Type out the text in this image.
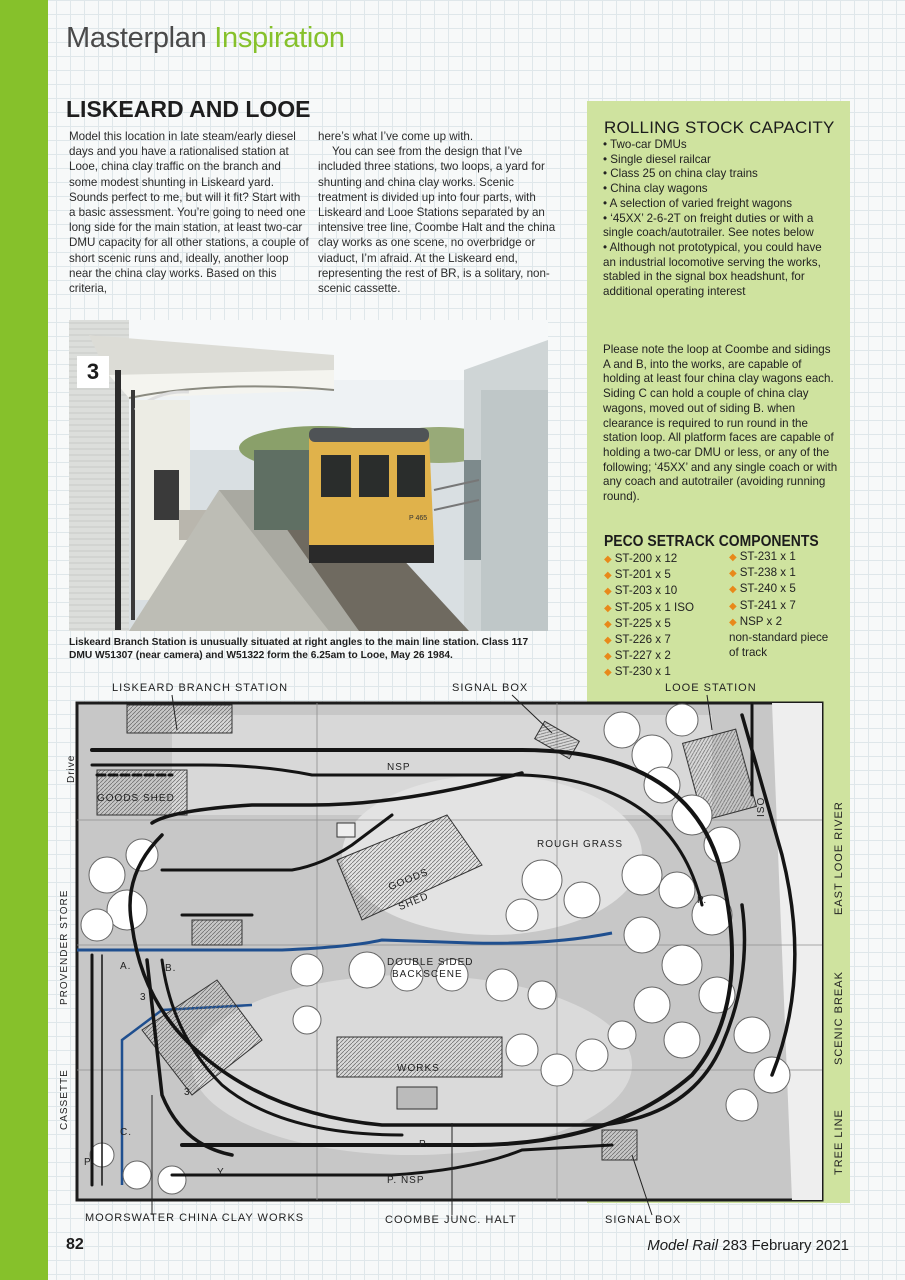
Masterplan Inspiration
LISKEARD AND LOOE

Model this location in late steam/early diesel days and you have a rationalised station at Looe, china clay traffic on the branch and some modest shunting in Liskeard yard. Sounds perfect to me, but will it fit? Start with a basic assessment. You’re going to need one long side for the main station, at least two-car DMU capacity for all other stations, a couple of short scenic runs and, ideally, another loop near the china clay works. Based on this criteria,

here’s what I’ve come up with.

You can see from the design that I’ve included three stations, two loops, a yard for shunting and china clay works. Scenic treatment is divided up into four parts, with Liskeard and Looe Stations separated by an intensive tree line, Coombe Halt and the china clay works as one scene, no overbridge or viaduct, I’m afraid. At the Liskeard end, representing the rest of BR, is a solitary, non-scenic cassette.

P 465
3
Liskeard Branch Station is unusually situated at right angles to the main line station. Class 117 DMU W51307 (near camera) and W51322 form the 6.25am to Looe, May 26 1984.
ROLLING STOCK CAPACITY
• Two-car DMUs
• Single diesel railcar
• Class 25 on china clay trains
• China clay wagons
• A selection of varied freight wagons
• ‘45XX’ 2-6-2T on freight duties or with a single coach/autotrailer. See notes below
• Although not prototypical, you could have an industrial locomotive serving the works, stabled in the signal box headshunt, for additional operating interest
Please note the loop at Coombe and sidings A and B, into the works, are capable of holding at least four china clay wagons each. Siding C can hold a couple of china clay wagons, moved out of siding B. when clearance is required to run round in the station loop. All platform faces are capable of holding a two-car DMU or less, or any of the following; ‘45XX’ and any single coach or with any coach and autotrailer (avoiding running round).
PECO SETRACK COMPONENTS
◆ ST-200 x 12
◆ ST-201 x 5
◆ ST-203 x 10
◆ ST-205 x 1 ISO
◆ ST-225 x 5
◆ ST-226 x 7
◆ ST-227 x 2
◆ ST-230 x 1
◆ ST-231 x 1
◆ ST-238 x 1
◆ ST-240 x 5
◆ ST-241 x 7
◆ NSP x 2
non-standard piece of track
LISKEARD BRANCH STATION	SIGNAL BOX	LOOE STATION
GOODS SHED
NSP
ROUGH GRASS
GOODS
SHED	P.
DOUBLE SIDED
BACKSCENE
A.	B.
3
3
C.
WORKS
P.
P.
Y
P. NSP
MOORSWATER CHINA CLAY WORKS	COOMBE JUNC. HALT	SIGNAL BOX
Drive
PROVENDER STORE
CASSETTE
ISO	EAST LOOE RIVER
SCENIC BREAK
TREE LINE
82	Model Rail 283 February 2021
